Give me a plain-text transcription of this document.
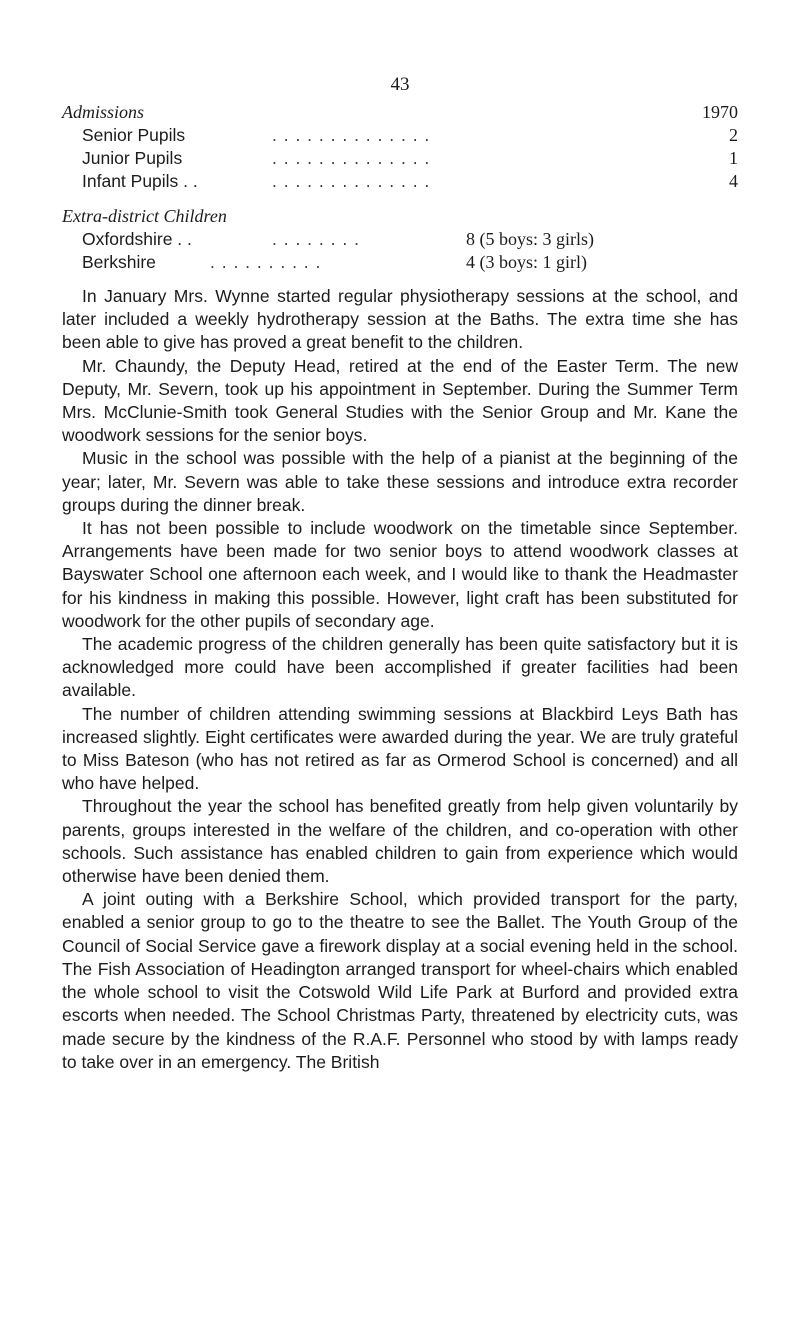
43
Admissions	1970
Senior Pupils	. . . . . . . . . . . . . .	2
Junior Pupils	. . . . . . . . . . . . . .	1
Infant Pupils . .	. . . . . . . . . . . . . .	4
Extra-district Children
Oxfordshire . .	. . . . . . . .	8 (5 boys: 3 girls)
Berkshire	. . . . . . . . . .	4 (3 boys: 1 girl)

In January Mrs. Wynne started regular physiotherapy sessions at the school, and later included a weekly hydrotherapy session at the Baths. The extra time she has been able to give has proved a great benefit to the children.

Mr. Chaundy, the Deputy Head, retired at the end of the Easter Term. The new Deputy, Mr. Severn, took up his appointment in September. During the Summer Term Mrs. McClunie-Smith took General Studies with the Senior Group and Mr. Kane the woodwork sessions for the senior boys.

Music in the school was possible with the help of a pianist at the beginning of the year; later, Mr. Severn was able to take these sessions and introduce extra recorder groups during the dinner break.

It has not been possible to include woodwork on the timetable since September. Arrangements have been made for two senior boys to attend woodwork classes at Bayswater School one afternoon each week, and I would like to thank the Headmaster for his kindness in making this possible. However, light craft has been substituted for woodwork for the other pupils of secondary age.

The academic progress of the children generally has been quite satisfactory but it is acknowledged more could have been accomplished if greater facilities had been available.

The number of children attending swimming sessions at Blackbird Leys Bath has increased slightly. Eight certificates were awarded during the year. We are truly grateful to Miss Bateson (who has not retired as far as Ormerod School is concerned) and all who have helped.

Throughout the year the school has benefited greatly from help given voluntarily by parents, groups interested in the welfare of the children, and co-operation with other schools. Such assistance has enabled children to gain from experience which would otherwise have been denied them.

A joint outing with a Berkshire School, which provided transport for the party, enabled a senior group to go to the theatre to see the Ballet. The Youth Group of the Council of Social Service gave a firework display at a social evening held in the school. The Fish Association of Headington arranged transport for wheel-chairs which enabled the whole school to visit the Cotswold Wild Life Park at Burford and provided extra escorts when needed. The School Christmas Party, threatened by electricity cuts, was made secure by the kindness of the R.A.F. Personnel who stood by with lamps ready to take over in an emergency. The British
